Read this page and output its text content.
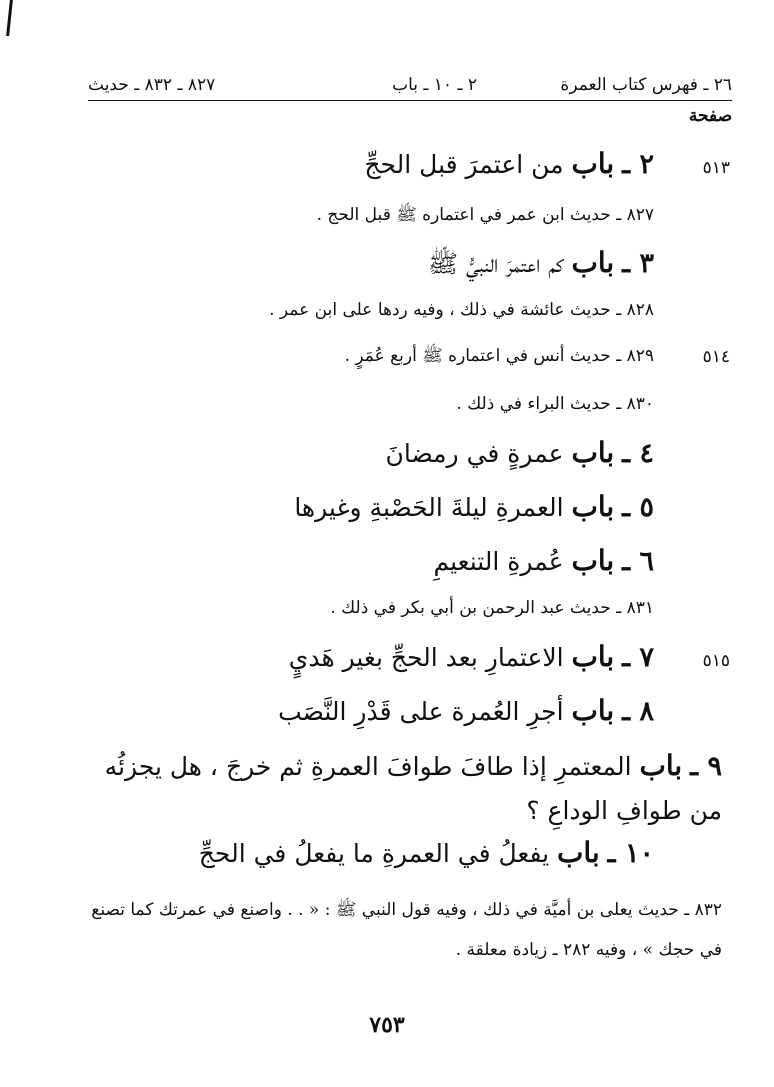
٢٦ ـ فهرس كتاب العمرة
٢ ـ ١٠ ـ باب
٨٢٧ ـ ٨٣٢ ـ حديث
صفحة
٥١٣
٢ ـ باب من اعتمرَ قبل الحجِّ
٨٢٧ ـ حديث ابن عمر في اعتماره ﷺ قبل الحج .
٣ ـ باب كم اعتمرَ النبيُّ ﷺ
٨٢٨ ـ حديث عائشة في ذلك ، وفيه ردها على ابن عمر .
٥١٤
٨٢٩ ـ حديث أنس في اعتماره ﷺ أربع عُمَرٍ .
٨٣٠ ـ حديث البراء في ذلك .
٤ ـ باب عمرةٍ في رمضانَ
٥ ـ باب العمرةِ ليلةَ الحَصْبةِ وغيرها
٦ ـ باب عُمرةِ التنعيمِ
٨٣١ ـ حديث عبد الرحمن بن أبي بكر في ذلك .
٥١٥
٧ ـ باب الاعتمارِ بعد الحجِّ بغير هَديٍ
٨ ـ باب أجرِ العُمرة على قَدْرِ النَّصَب
٩ ـ باب المعتمرِ إذا طافَ طوافَ العمرةِ ثم خرجَ ، هل يجزئُه من طوافِ الوداعِ ؟
١٠ ـ باب يفعلُ في العمرةِ ما يفعلُ في الحجِّ
٨٣٢ ـ حديث يعلى بن أميَّة في ذلك ، وفيه قول النبي ﷺ : « . . واصنع في عمرتك كما تصنع في حجك » ، وفيه ٢٨٢ ـ زيادة معلقة .
٧٥٣
